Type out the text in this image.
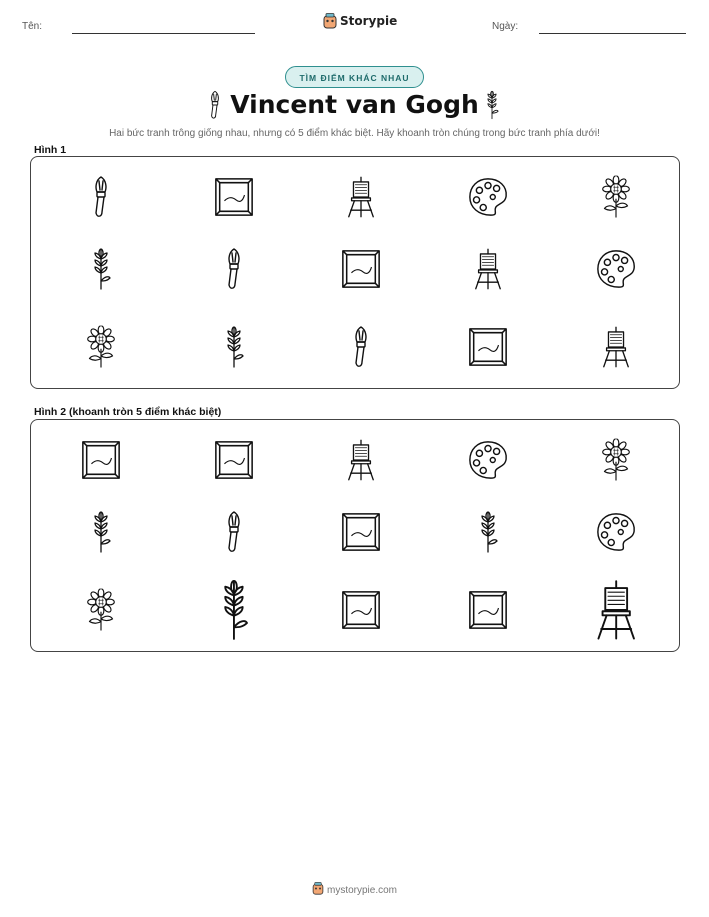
Tên:	Storypie	Ngày:
TÌM ĐIỂM KHÁC NHAU
Vincent van Gogh
Hai bức tranh trông giống nhau, nhưng có 5 điểm khác biệt. Hãy khoanh tròn chúng trong bức tranh phía dưới!
Hình 1
Hình 2 (khoanh tròn 5 điểm khác biệt)
mystorypie.com
